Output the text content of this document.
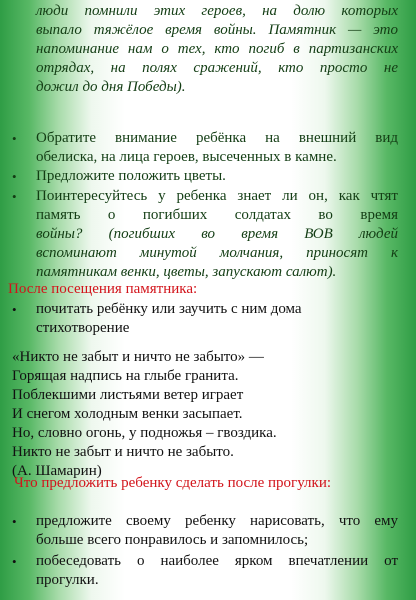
люди помнили этих героев, на долю которых
выпало тяжёлое время войны. Памятник — это
напоминание нам о тех, кто погиб в партизанских
отрядах, на полях сражений, кто просто не
дожил до дня Победы).
•	Обратите внимание ребёнка на внешний вид
обелиска, на лица героев, высеченных в камне.
•	Предложите положить цветы.
•	Поинтересуйтесь у ребенка знает ли он, как чтят
память о погибших солдатах во время
войны? (погибших во время ВОВ людей
вспоминают минутой молчания, приносят к
памятникам венки, цветы, запускают салют).
После посещения памятника:
•	почитать ребёнку или заучить с ним дома
стихотворение
«Никто не забыт и ничто не забыто» —
Горящая надпись на глыбе гранита.
Поблекшими листьями ветер играет
И снегом холодным венки засыпает.
Но, словно огонь, у подножья – гвоздика.
Никто не забыт и ничто не забыто.
(А. Шамарин)
Что предложить ребенку сделать после прогулки:
•	предложите своему ребенку нарисовать, что ему
больше всего понравилось и запомнилось;
•	побеседовать о наиболее ярком впечатлении от
прогулки.
